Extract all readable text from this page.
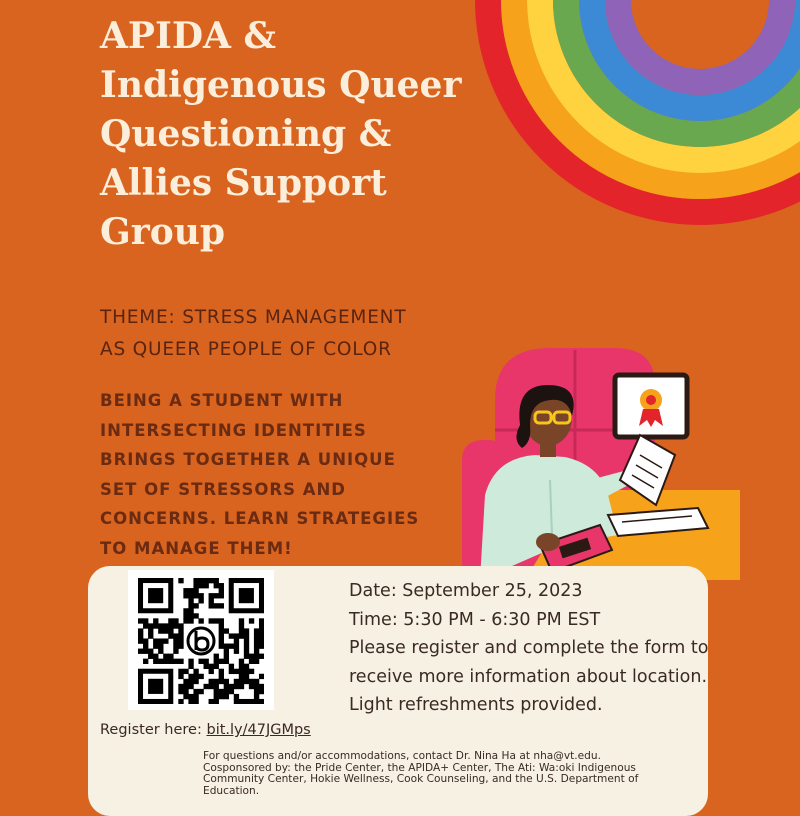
APIDA &
Indigenous Queer
Questioning &
Allies Support
Group
THEME: STRESS MANAGEMENT
AS QUEER PEOPLE OF COLOR
BEING A STUDENT WITH
INTERSECTING IDENTITIES
BRINGS TOGETHER A UNIQUE
SET OF STRESSORS AND
CONCERNS. LEARN STRATEGIES
TO MANAGE THEM!
Date: September 25, 2023
Time: 5:30 PM - 6:30 PM EST
Please register and complete the form to
receive more information about location.
Light refreshments provided.
Register here: bit.ly/47JGMps
For questions and/or accommodations, contact Dr. Nina Ha at nha@vt.edu.
Cosponsored by: the Pride Center, the APIDA+ Center, The Ati: Wa:oki Indigenous
Community Center, Hokie Wellness, Cook Counseling, and the U.S. Department of
Education.
